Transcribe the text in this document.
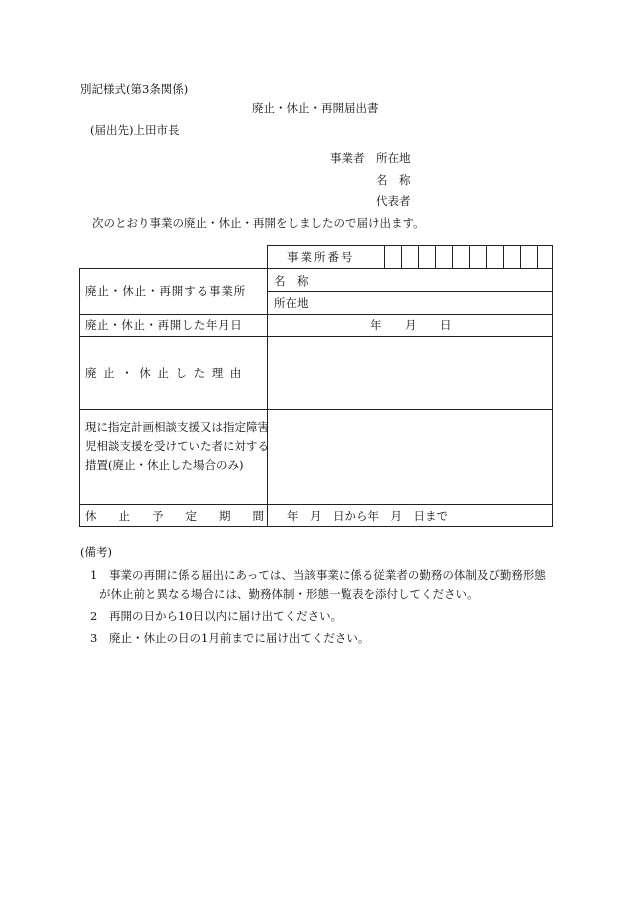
別記様式(第3条関係)
廃止・休止・再開届出書
(届出先)上田市長
事業者 所在地
名　称
代表者
次のとおり事業の廃止・休止・再開をしましたので届け出ます。
事業所番号
廃止・休止・再開する事業所
名　称
所在地
廃止・休止・再開した年月日	年 月 日
廃止・休止した理由
現に指定計画相談支援又は指定障害児相談支援を受けていた者に対する措置(廃止・休止した場合のみ)
休止予定期間 年　月　日から年　月　日まで
(備考)
1 事業の再開に係る届出にあっては、当該事業に係る従業者の勤務の体制及び勤務形態
が休止前と異なる場合には、勤務体制・形態一覧表を添付してください。
2 再開の日から10日以内に届け出てください。
3 廃止・休止の日の1月前までに届け出てください。
